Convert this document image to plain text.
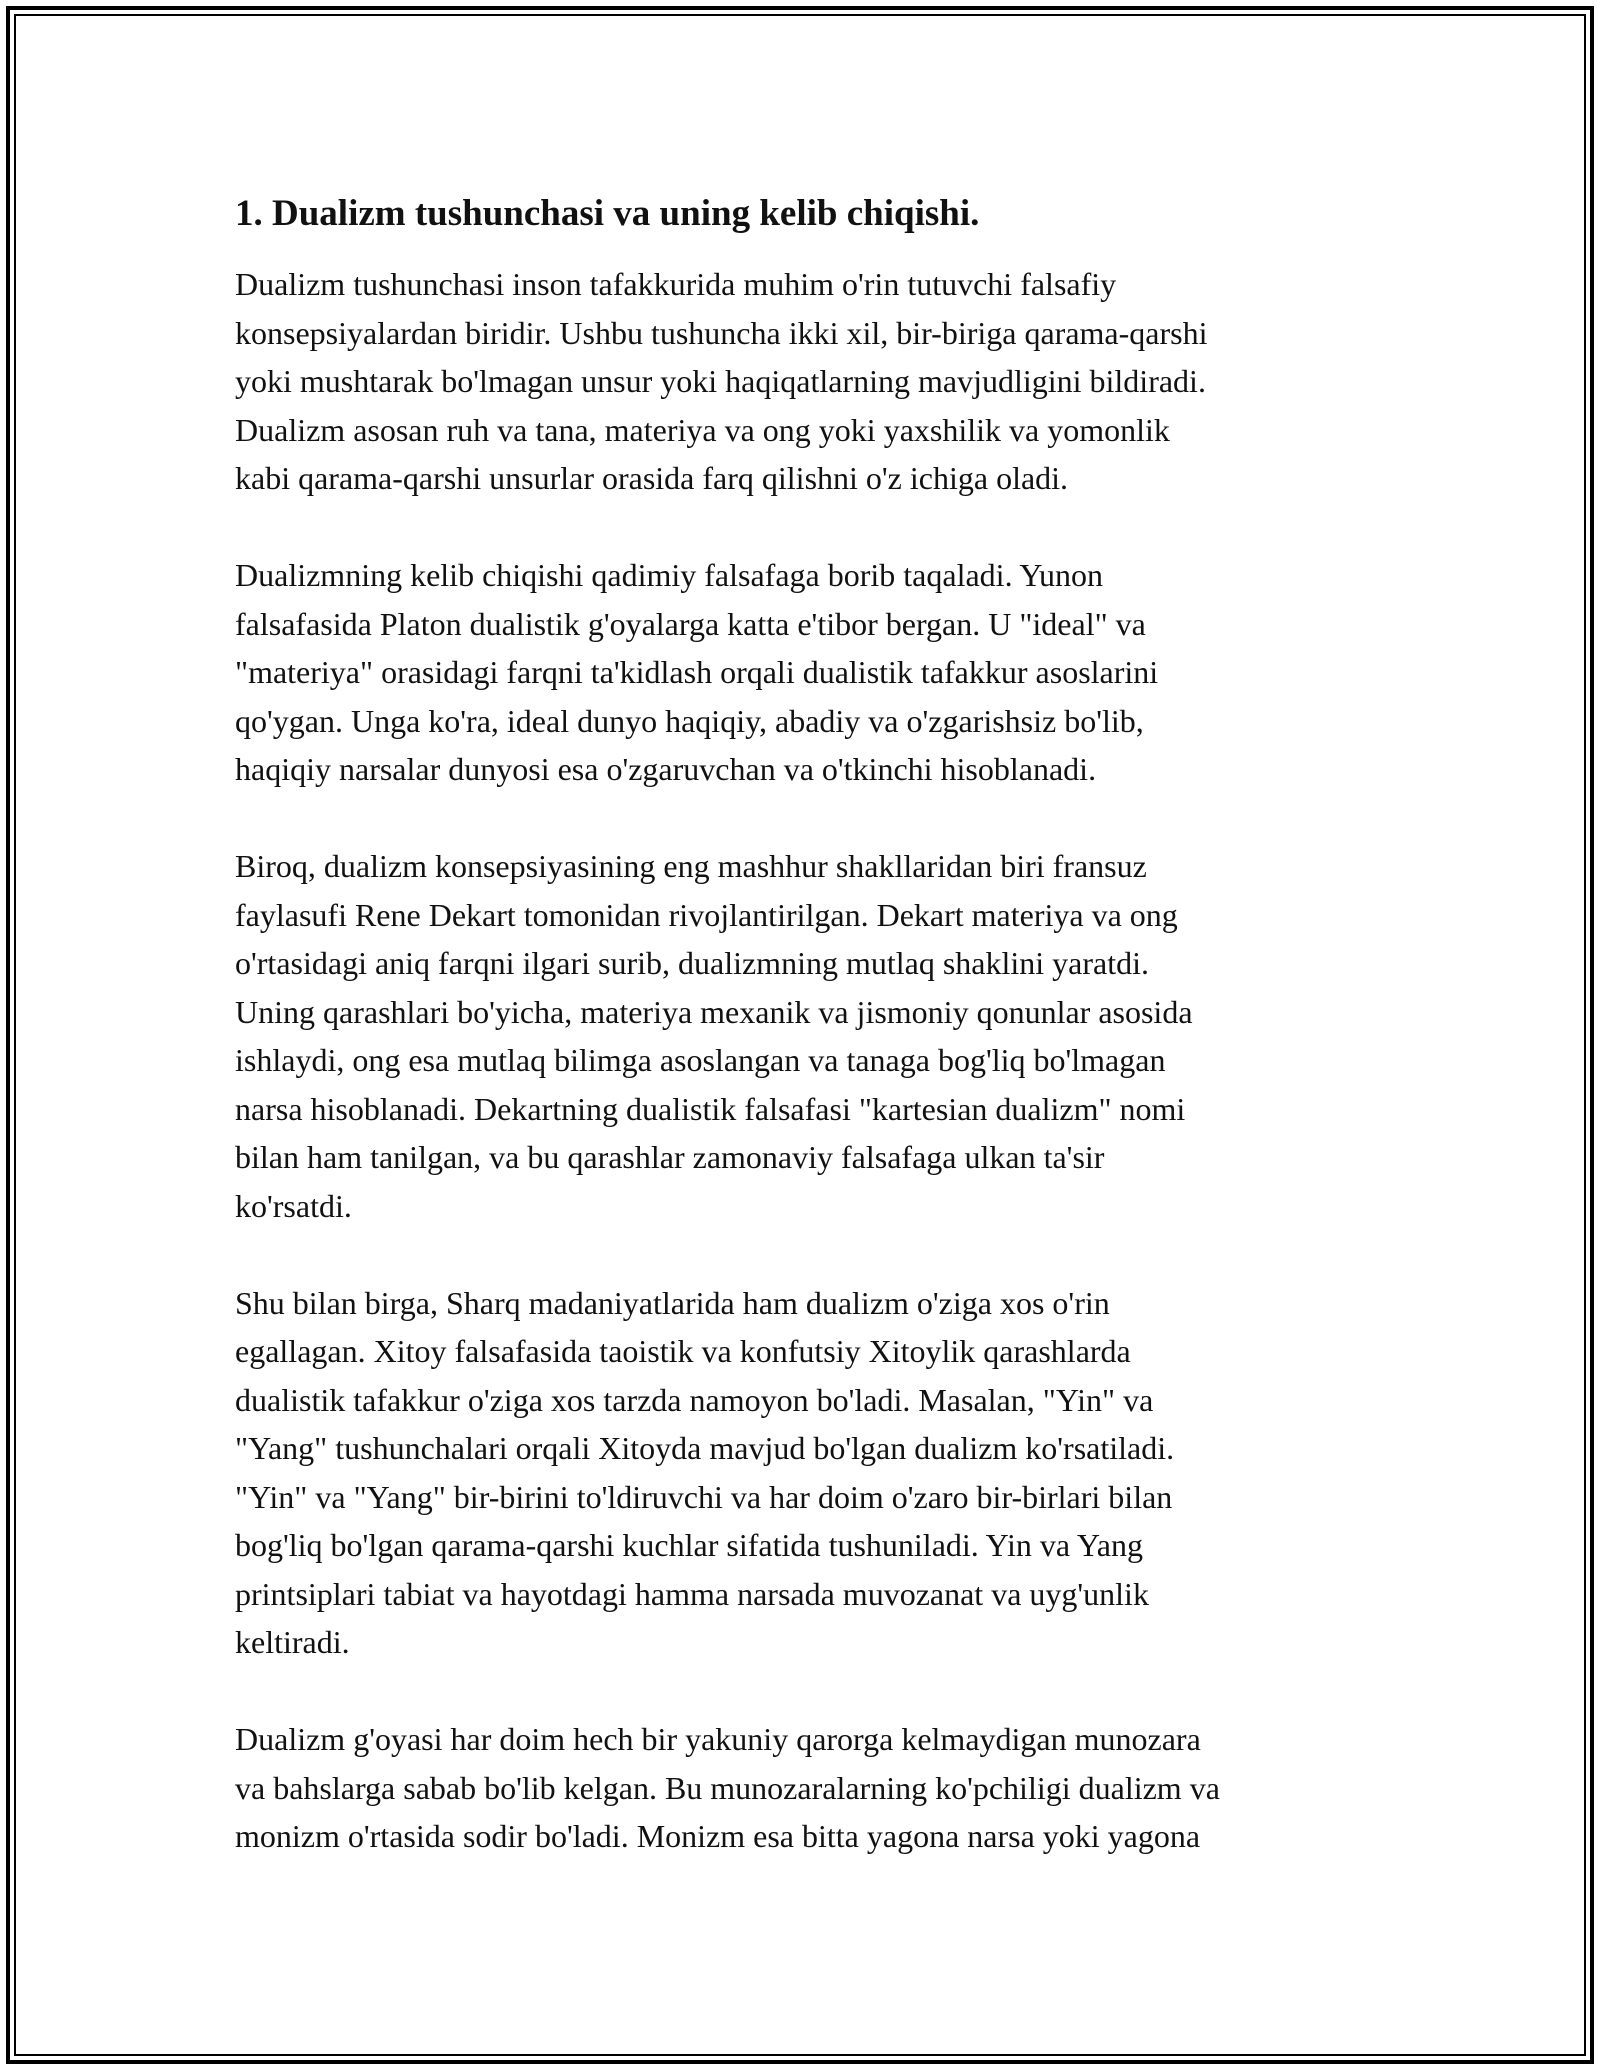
1. Dualizm tushunchasi va uning kelib chiqishi.

Dualizm tushunchasi inson tafakkurida muhim o'rin tutuvchi falsafiy
konsepsiyalardan biridir. Ushbu tushuncha ikki xil, bir-biriga qarama-qarshi
yoki mushtarak bo'lmagan unsur yoki haqiqatlarning mavjudligini bildiradi.
Dualizm asosan ruh va tana, materiya va ong yoki yaxshilik va yomonlik
kabi qarama-qarshi unsurlar orasida farq qilishni o'z ichiga oladi.

Dualizmning kelib chiqishi qadimiy falsafaga borib taqaladi. Yunon
falsafasida Platon dualistik g'oyalarga katta e'tibor bergan. U "ideal" va
"materiya" orasidagi farqni ta'kidlash orqali dualistik tafakkur asoslarini
qo'ygan. Unga ko'ra, ideal dunyo haqiqiy, abadiy va o'zgarishsiz bo'lib,
haqiqiy narsalar dunyosi esa o'zgaruvchan va o'tkinchi hisoblanadi.

Biroq, dualizm konsepsiyasining eng mashhur shakllaridan biri fransuz
faylasufi Rene Dekart tomonidan rivojlantirilgan. Dekart materiya va ong
o'rtasidagi aniq farqni ilgari surib, dualizmning mutlaq shaklini yaratdi.
Uning qarashlari bo'yicha, materiya mexanik va jismoniy qonunlar asosida
ishlaydi, ong esa mutlaq bilimga asoslangan va tanaga bog'liq bo'lmagan
narsa hisoblanadi. Dekartning dualistik falsafasi "kartesian dualizm" nomi
bilan ham tanilgan, va bu qarashlar zamonaviy falsafaga ulkan ta'sir
ko'rsatdi.

Shu bilan birga, Sharq madaniyatlarida ham dualizm o'ziga xos o'rin
egallagan. Xitoy falsafasida taoistik va konfutsiy Xitoylik qarashlarda
dualistik tafakkur o'ziga xos tarzda namoyon bo'ladi. Masalan, "Yin" va
"Yang" tushunchalari orqali Xitoyda mavjud bo'lgan dualizm ko'rsatiladi.
"Yin" va "Yang" bir-birini to'ldiruvchi va har doim o'zaro bir-birlari bilan
bog'liq bo'lgan qarama-qarshi kuchlar sifatida tushuniladi. Yin va Yang
printsiplari tabiat va hayotdagi hamma narsada muvozanat va uyg'unlik
keltiradi.

Dualizm g'oyasi har doim hech bir yakuniy qarorga kelmaydigan munozara
va bahslarga sabab bo'lib kelgan. Bu munozaralarning ko'pchiligi dualizm va
monizm o'rtasida sodir bo'ladi. Monizm esa bitta yagona narsa yoki yagona
